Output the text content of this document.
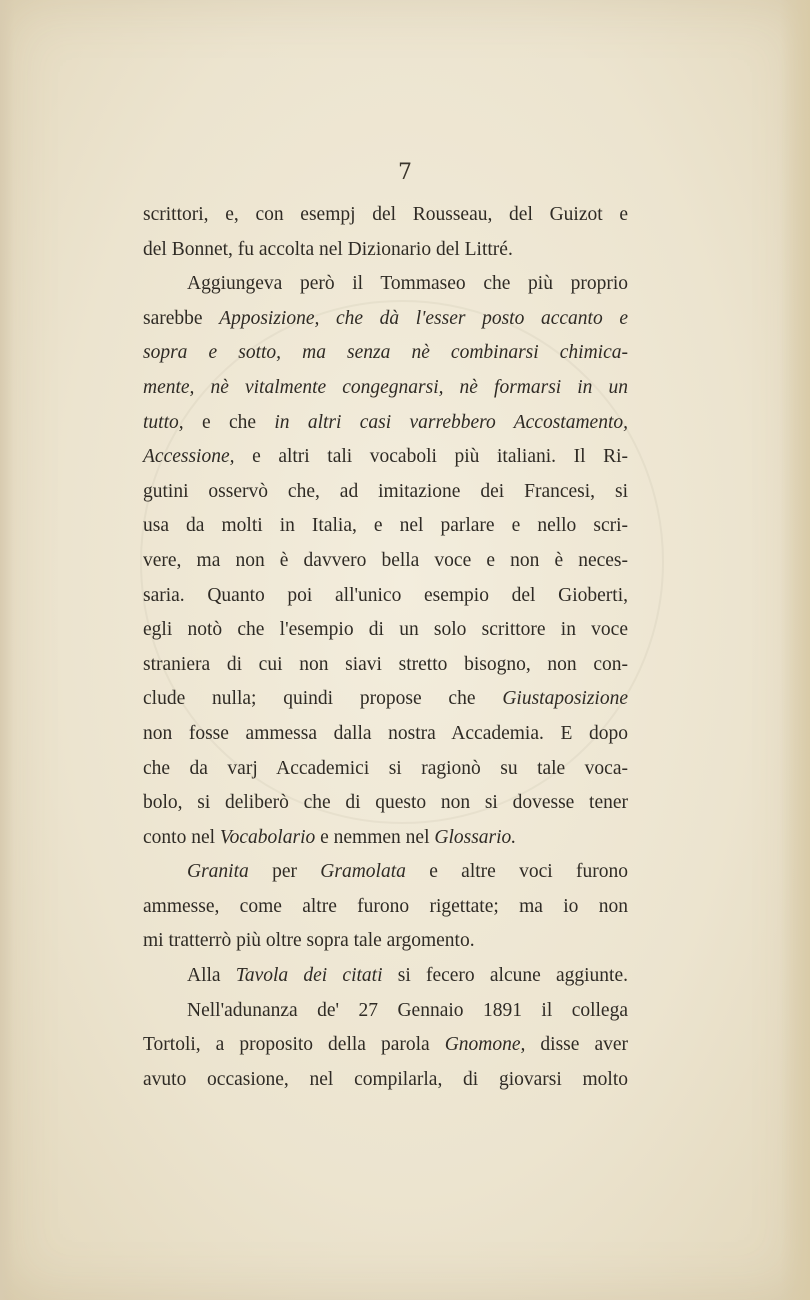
7
scrittori, e, con esempj del Rousseau, del Guizot e
del Bonnet, fu accolta nel Dizionario del Littré.
Aggiungeva però il Tommaseo che più proprio
sarebbe Apposizione, che dà l'esser posto accanto e
sopra e sotto, ma senza nè combinarsi chimica-
mente, nè vitalmente congegnarsi, nè formarsi in un
tutto, e che in altri casi varrebbero Accostamento,
Accessione, e altri tali vocaboli più italiani. Il Ri-
gutini osservò che, ad imitazione dei Francesi, si
usa da molti in Italia, e nel parlare e nello scri-
vere, ma non è davvero bella voce e non è neces-
saria. Quanto poi all'unico esempio del Gioberti,
egli notò che l'esempio di un solo scrittore in voce
straniera di cui non siavi stretto bisogno, non con-
clude nulla; quindi propose che Giustaposizione
non fosse ammessa dalla nostra Accademia. E dopo
che da varj Accademici si ragionò su tale voca-
bolo, si deliberò che di questo non si dovesse tener
conto nel Vocabolario e nemmen nel Glossario.
Granita per Gramolata e altre voci furono
ammesse, come altre furono rigettate; ma io non
mi tratterrò più oltre sopra tale argomento.
Alla Tavola dei citati si fecero alcune aggiunte.
Nell'adunanza de' 27 Gennaio 1891 il collega
Tortoli, a proposito della parola Gnomone, disse aver
avuto occasione, nel compilarla, di giovarsi molto
